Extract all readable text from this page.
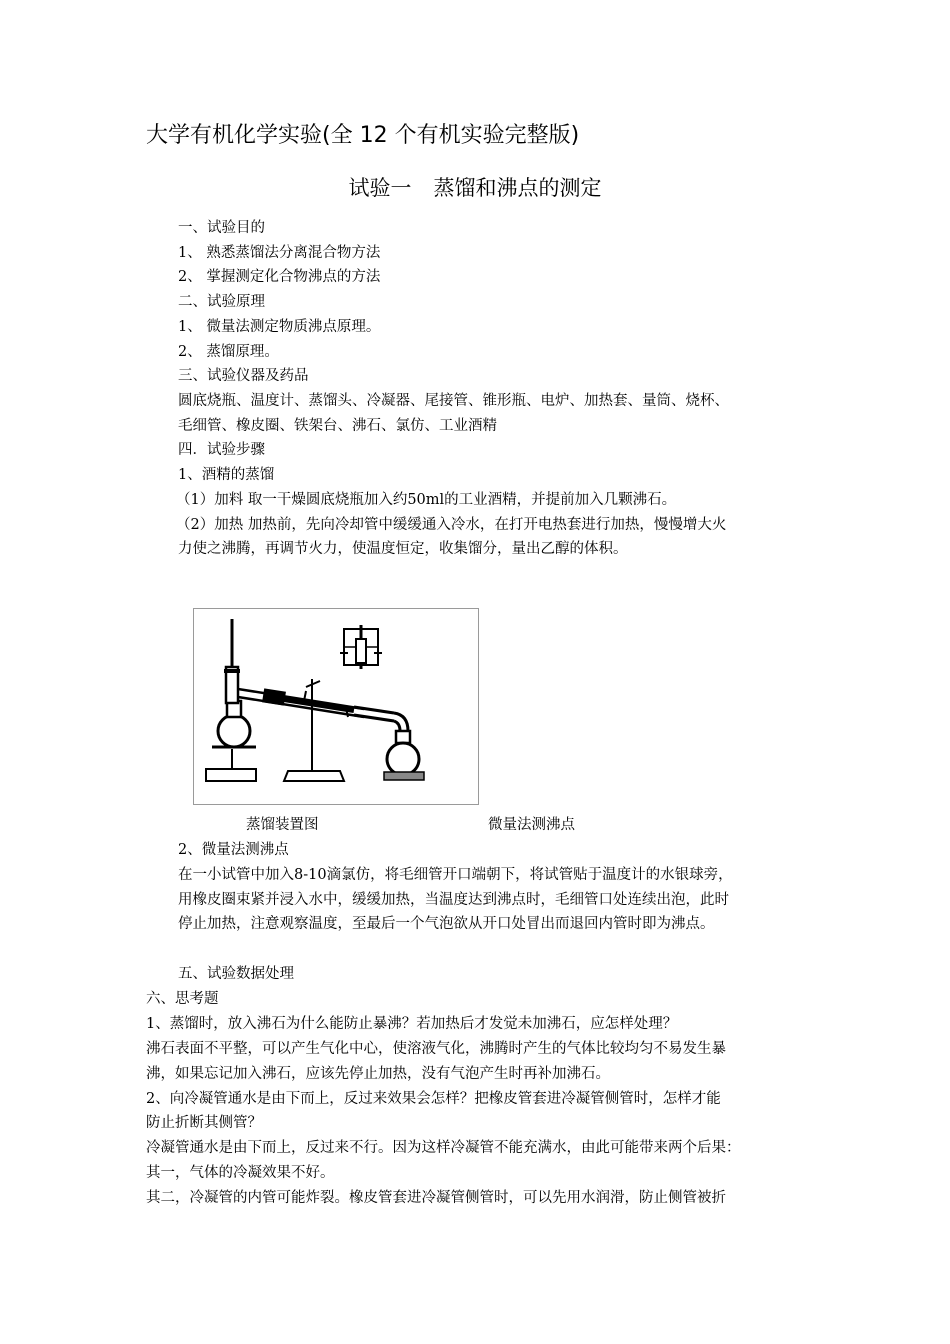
大学有机化学实验(全 12 个有机实验完整版)
试验一 蒸馏和沸点的测定
一、试验目的
1、 熟悉蒸馏法分离混合物方法
2、 掌握测定化合物沸点的方法
二、试验原理
1、 微量法测定物质沸点原理。
2、 蒸馏原理。
三、试验仪器及药品
圆底烧瓶、温度计、蒸馏头、冷凝器、尾接管、锥形瓶、电炉、加热套、量筒、烧杯、
毛细管、橡皮圈、铁架台、沸石、氯仿、工业酒精
四．试验步骤
1、酒精的蒸馏
（1）加料 取一干燥圆底烧瓶加入约50ml的工业酒精，并提前加入几颗沸石。
（2）加热 加热前，先向冷却管中缓缓通入冷水，在打开电热套进行加热，慢慢增大火
力使之沸腾，再调节火力，使温度恒定，收集馏分，量出乙醇的体积。
蒸馏装置图	微量法测沸点
2、微量法测沸点
在一小试管中加入8-10滴氯仿，将毛细管开口端朝下，将试管贴于温度计的水银球旁，
用橡皮圈束紧并浸入水中，缓缓加热，当温度达到沸点时，毛细管口处连续出泡，此时
停止加热，注意观察温度，至最后一个气泡欲从开口处冒出而退回内管时即为沸点。
五、试验数据处理
六、思考题
1、蒸馏时，放入沸石为什么能防止暴沸？若加热后才发觉未加沸石，应怎样处理？
沸石表面不平整，可以产生气化中心，使溶液气化，沸腾时产生的气体比较均匀不易发生暴
沸，如果忘记加入沸石，应该先停止加热，没有气泡产生时再补加沸石。
2、向冷凝管通水是由下而上，反过来效果会怎样？把橡皮管套进冷凝管侧管时，怎样才能
防止折断其侧管？
冷凝管通水是由下而上，反过来不行。因为这样冷凝管不能充满水，由此可能带来两个后果：
其一，气体的冷凝效果不好。
其二，冷凝管的内管可能炸裂。橡皮管套进冷凝管侧管时，可以先用水润滑，防止侧管被折
